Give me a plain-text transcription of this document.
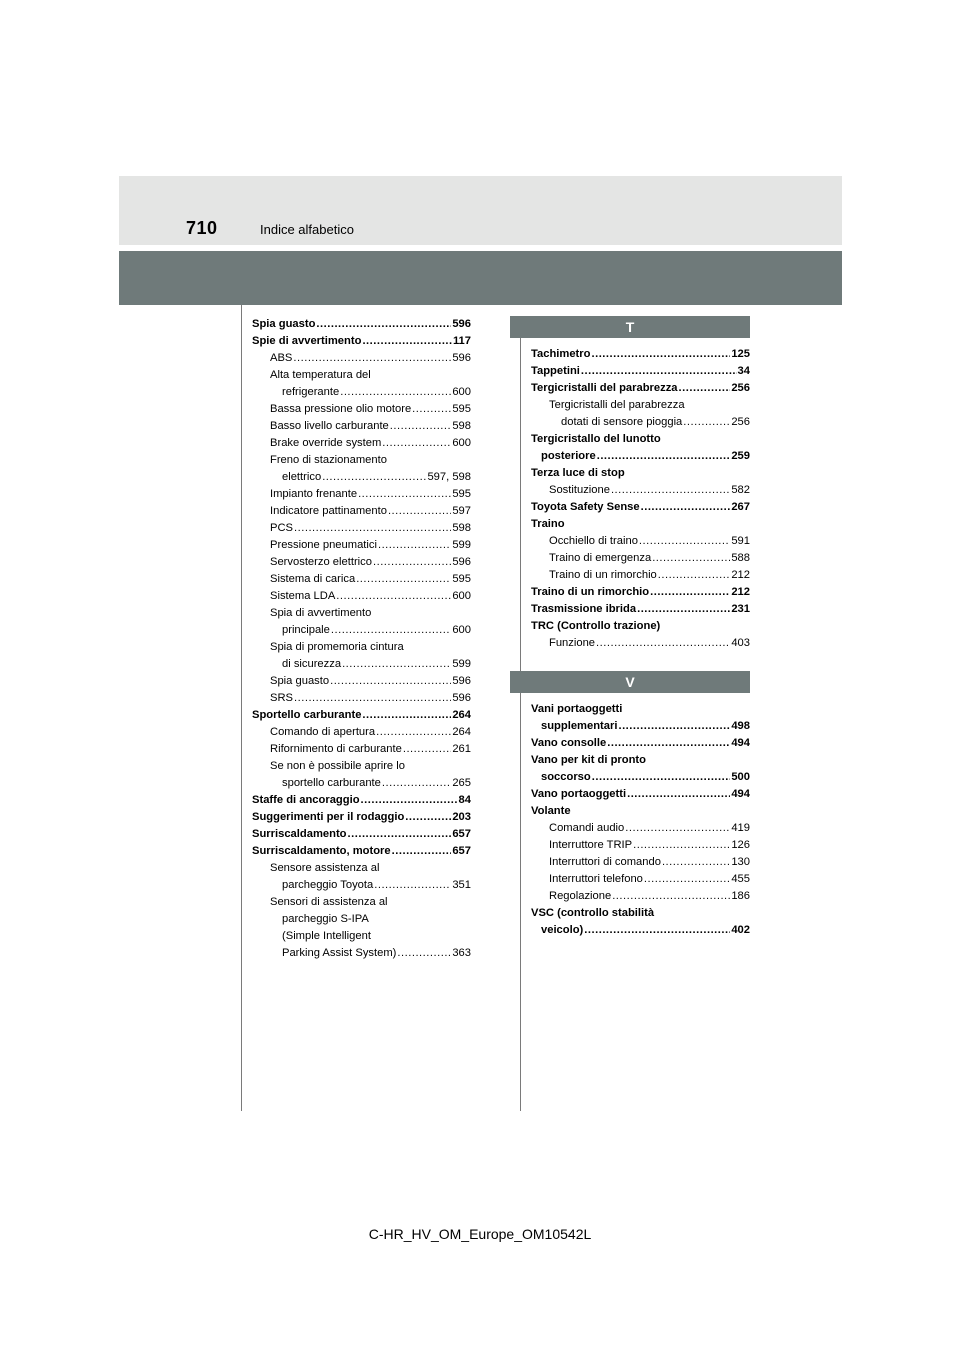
710	Indice alfabetico
Spia guasto .....	596
Spie di avvertimento .....	117
ABS .....	596
Alta temperatura del
refrigerante .....	600
Bassa pressione olio motore .....	595
Basso livello carburante .....	598
Brake override system .....	600
Freno di stazionamento
elettrico .....	597, 598
Impianto frenante .....	595
Indicatore pattinamento .....	597
PCS .....	598
Pressione pneumatici .....	599
Servosterzo elettrico .....	596
Sistema di carica .....	595
Sistema LDA .....	600
Spia di avvertimento
principale .....	600
Spia di promemoria cintura
di sicurezza .....	599
Spia guasto .....	596
SRS .....	596
Sportello carburante .....	264
Comando di apertura .....	264
Rifornimento di carburante .....	261
Se non è possibile aprire lo
sportello carburante .....	265
Staffe di ancoraggio .....	84
Suggerimenti per il rodaggio .....	203
Surriscaldamento .....	657
Surriscaldamento, motore .....	657
Sensore assistenza al
parcheggio Toyota .....	351
Sensori di assistenza al
parcheggio S-IPA
(Simple Intelligent
Parking Assist System) .....	363
T
Tachimetro .....	125
Tappetini .....	34
Tergicristalli del parabrezza .....	256
Tergicristalli del parabrezza
dotati di sensore pioggia .....	256
Tergicristallo del lunotto
posteriore .....	259
Terza luce di stop
Sostituzione .....	582
Toyota Safety Sense .....	267
Traino
Occhiello di traino .....	591
Traino di emergenza .....	588
Traino di un rimorchio .....	212
Traino di un rimorchio .....	212
Trasmissione ibrida .....	231
TRC (Controllo trazione)
Funzione .....	403
V
Vani portaoggetti
supplementari .....	498
Vano consolle .....	494
Vano per kit di pronto
soccorso .....	500
Vano portaoggetti .....	494
Volante
Comandi audio .....	419
Interruttore TRIP .....	126
Interruttori di comando .....	130
Interruttori telefono .....	455
Regolazione .....	186
VSC (controllo stabilità
veicolo) .....	402
C-HR_HV_OM_Europe_OM10542L
